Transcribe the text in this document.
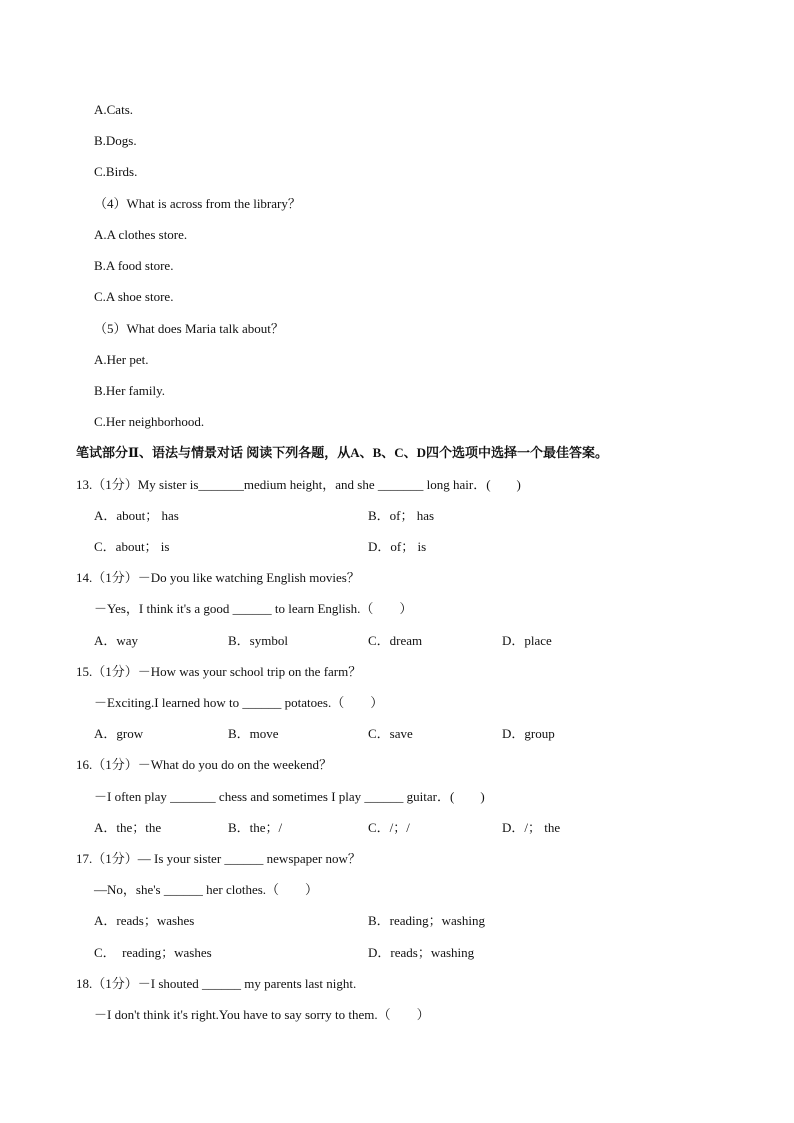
A.Cats.
B.Dogs.
C.Birds.
（4）What is across from the library？
A.A clothes store.
B.A food store.
C.A shoe store.
（5）What does Maria talk about？
A.Her pet.
B.Her family.
C.Her neighborhood.
笔试部分Ⅱ、语法与情景对话 阅读下列各题，从A、B、C、D四个选项中选择一个最佳答案。
13.（1分）My sister is_______medium height，and she _______ long hair．(　　)
A．about； has	B．of； has
C．about； is	D．of； is
14.（1分）－Do you like watching English movies？
－Yes，I think it's a good ______ to learn English.（　　）
A．way	B．symbol	C．dream	D．place
15.（1分）－How was your school trip on the farm？
－Exciting.I learned how to ______ potatoes.（　　）
A．grow	B．move	C．save	D．group
16.（1分）－What do you do on the weekend？
－I often play _______ chess and sometimes I play ______ guitar．(　　)
A．the；the	B．the；/	C．/；/	D．/； the
17.（1分）— Is your sister ______ newspaper now？
—No，she's ______ her clothes.（　　）
A．reads；washes	B．reading；washing
C．  reading；washes	D．reads；washing
18.（1分）－I shouted ______ my parents last night.
－I don't think it's right.You have to say sorry to them.（　　）
